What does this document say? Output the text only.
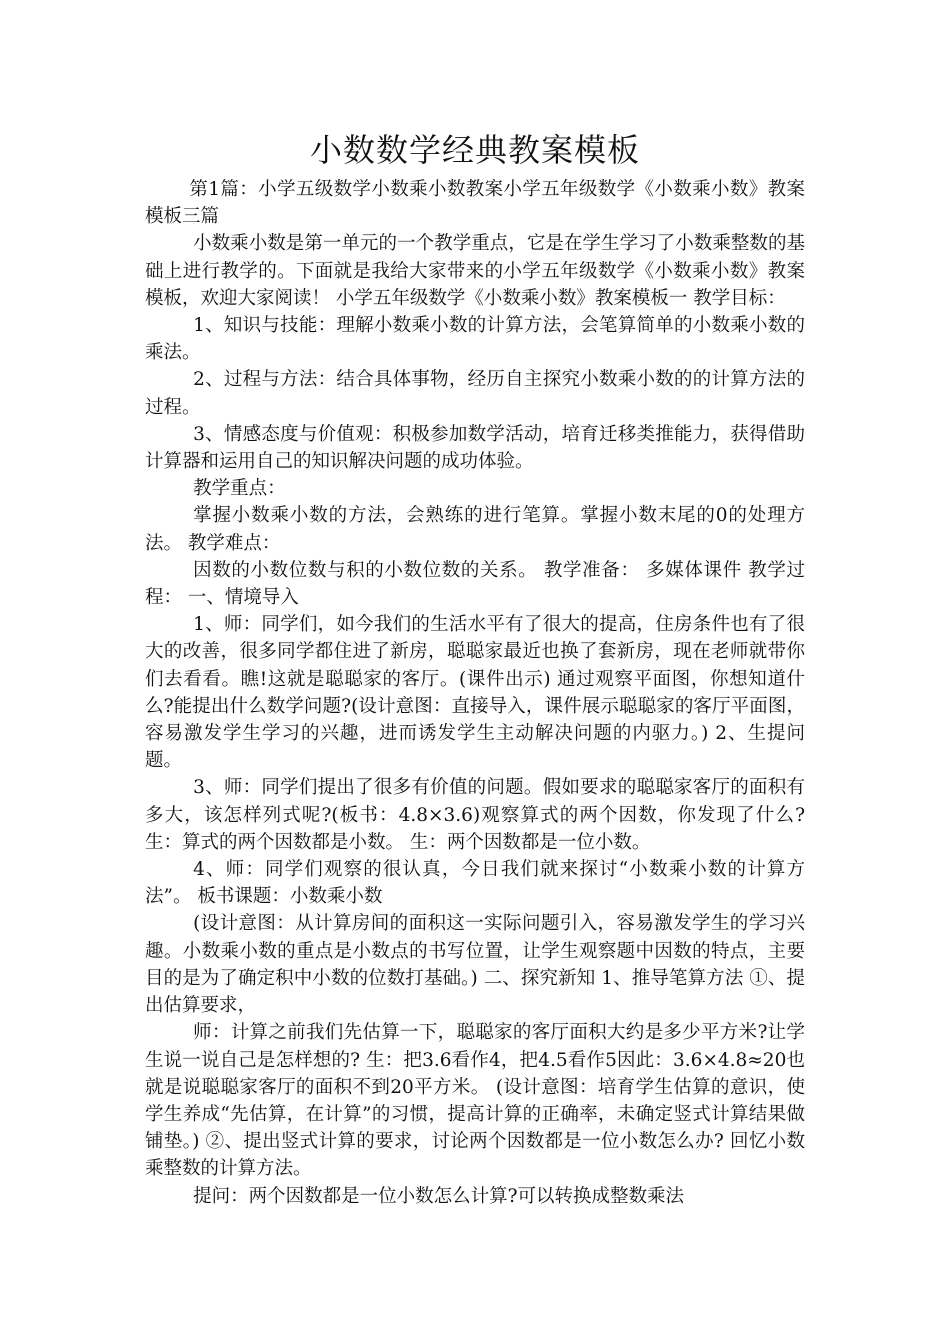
小数数学经典教案模板

第1篇：小学五级数学小数乘小数教案小学五年级数学《小数乘小数》教案模板三篇

小数乘小数是第一单元的一个教学重点，它是在学生学习了小数乘整数的基础上进行教学的。下面就是我给大家带来的小学五年级数学《小数乘小数》教案模板，欢迎大家阅读！ 小学五年级数学《小数乘小数》教案模板一 教学目标：

1、知识与技能：理解小数乘小数的计算方法，会笔算简单的小数乘小数的乘法。

2、过程与方法：结合具体事物，经历自主探究小数乘小数的的计算方法的过程。

3、情感态度与价值观：积极参加数学活动，培育迁移类推能力，获得借助计算器和运用自己的知识解决问题的成功体验。

教学重点：

掌握小数乘小数的方法，会熟练的进行笔算。掌握小数末尾的0的处理方法。 教学难点：

因数的小数位数与积的小数位数的关系。 教学准备： 多媒体课件 教学过程： 一、情境导入

1、师：同学们，如今我们的生活水平有了很大的提高，住房条件也有了很大的改善，很多同学都住进了新房，聪聪家最近也换了套新房，现在老师就带你们去看看。瞧!这就是聪聪家的客厅。(课件出示) 通过观察平面图，你想知道什么?能提出什么数学问题?(设计意图：直接导入，课件展示聪聪家的客厅平面图，容易激发学生学习的兴趣，进而诱发学生主动解决问题的内驱力。) 2、生提问题。

3、师：同学们提出了很多有价值的问题。假如要求的聪聪家客厅的面积有多大，该怎样列式呢?(板书：4.8×3.6)观察算式的两个因数，你发现了什么? 生：算式的两个因数都是小数。 生：两个因数都是一位小数。

4、师：同学们观察的很认真，今日我们就来探讨“小数乘小数的计算方法”。 板书课题：小数乘小数

(设计意图：从计算房间的面积这一实际问题引入，容易激发学生的学习兴趣。小数乘小数的重点是小数点的书写位置，让学生观察题中因数的特点，主要目的是为了确定积中小数的位数打基础。) 二、探究新知 1、推导笔算方法 ①、提出估算要求，

师：计算之前我们先估算一下，聪聪家的客厅面积大约是多少平方米?让学生说一说自己是怎样想的? 生：把3.6看作4，把4.5看作5因此：3.6×4.8≈20也就是说聪聪家客厅的面积不到20平方米。 (设计意图：培育学生估算的意识，使学生养成“先估算，在计算”的习惯，提高计算的正确率，未确定竖式计算结果做铺垫。) ②、提出竖式计算的要求，讨论两个因数都是一位小数怎么办? 回忆小数乘整数的计算方法。

提问：两个因数都是一位小数怎么计算?可以转换成整数乘法
